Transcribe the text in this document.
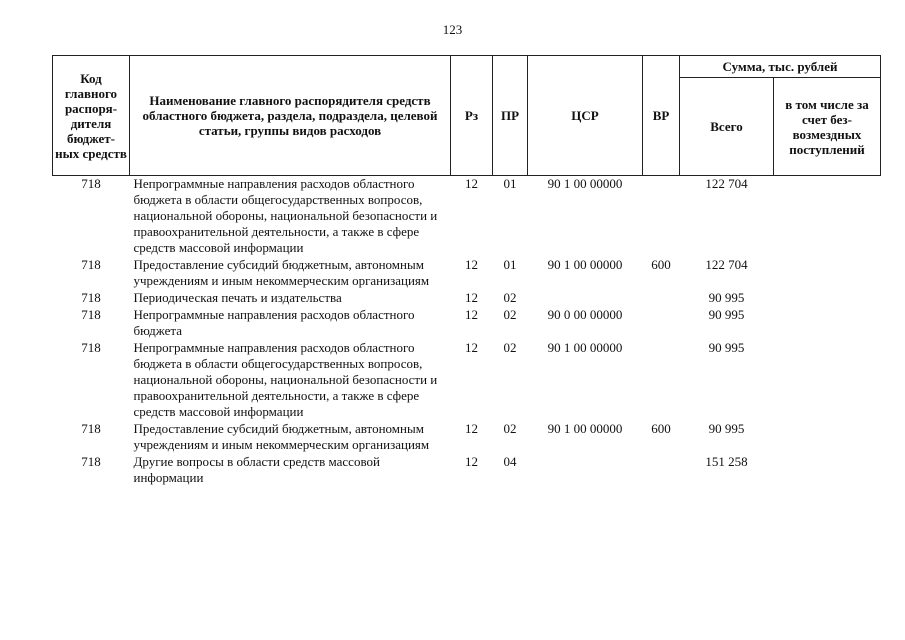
123
Код главного распоря-дителя бюджет-ных средств	Наименование главного распорядителя средств областного бюджета, раздела, подраздела, целевой статьи, группы видов расходов	Рз	ПР	ЦСР	ВР	Сумма, тыс. рублей	
						Всего	в том числе за счет без-возмездных поступлений
718	Непрограммные направления расходов областного бюджета в области общегосударственных вопросов, национальной обороны, национальной безопасности и правоохранительной деятельности, а также в сфере средств массовой информации	12	01	90 1 00 00000		122 704	
718	Предоставление субсидий бюджетным, автономным учреждениям и иным некоммерческим организациям	12	01	90 1 00 00000	600	122 704	
718	Периодическая печать и издательства	12	02			90 995	
718	Непрограммные направления расходов областного бюджета	12	02	90 0 00 00000		90 995	
718	Непрограммные направления расходов областного бюджета в области общегосударственных вопросов, национальной обороны, национальной безопасности и правоохранительной деятельности, а также в сфере средств массовой информации	12	02	90 1 00 00000		90 995	
718	Предоставление субсидий бюджетным, автономным учреждениям и иным некоммерческим организациям	12	02	90 1 00 00000	600	90 995	
718	Другие вопросы в области средств массовой информации	12	04			151 258	
